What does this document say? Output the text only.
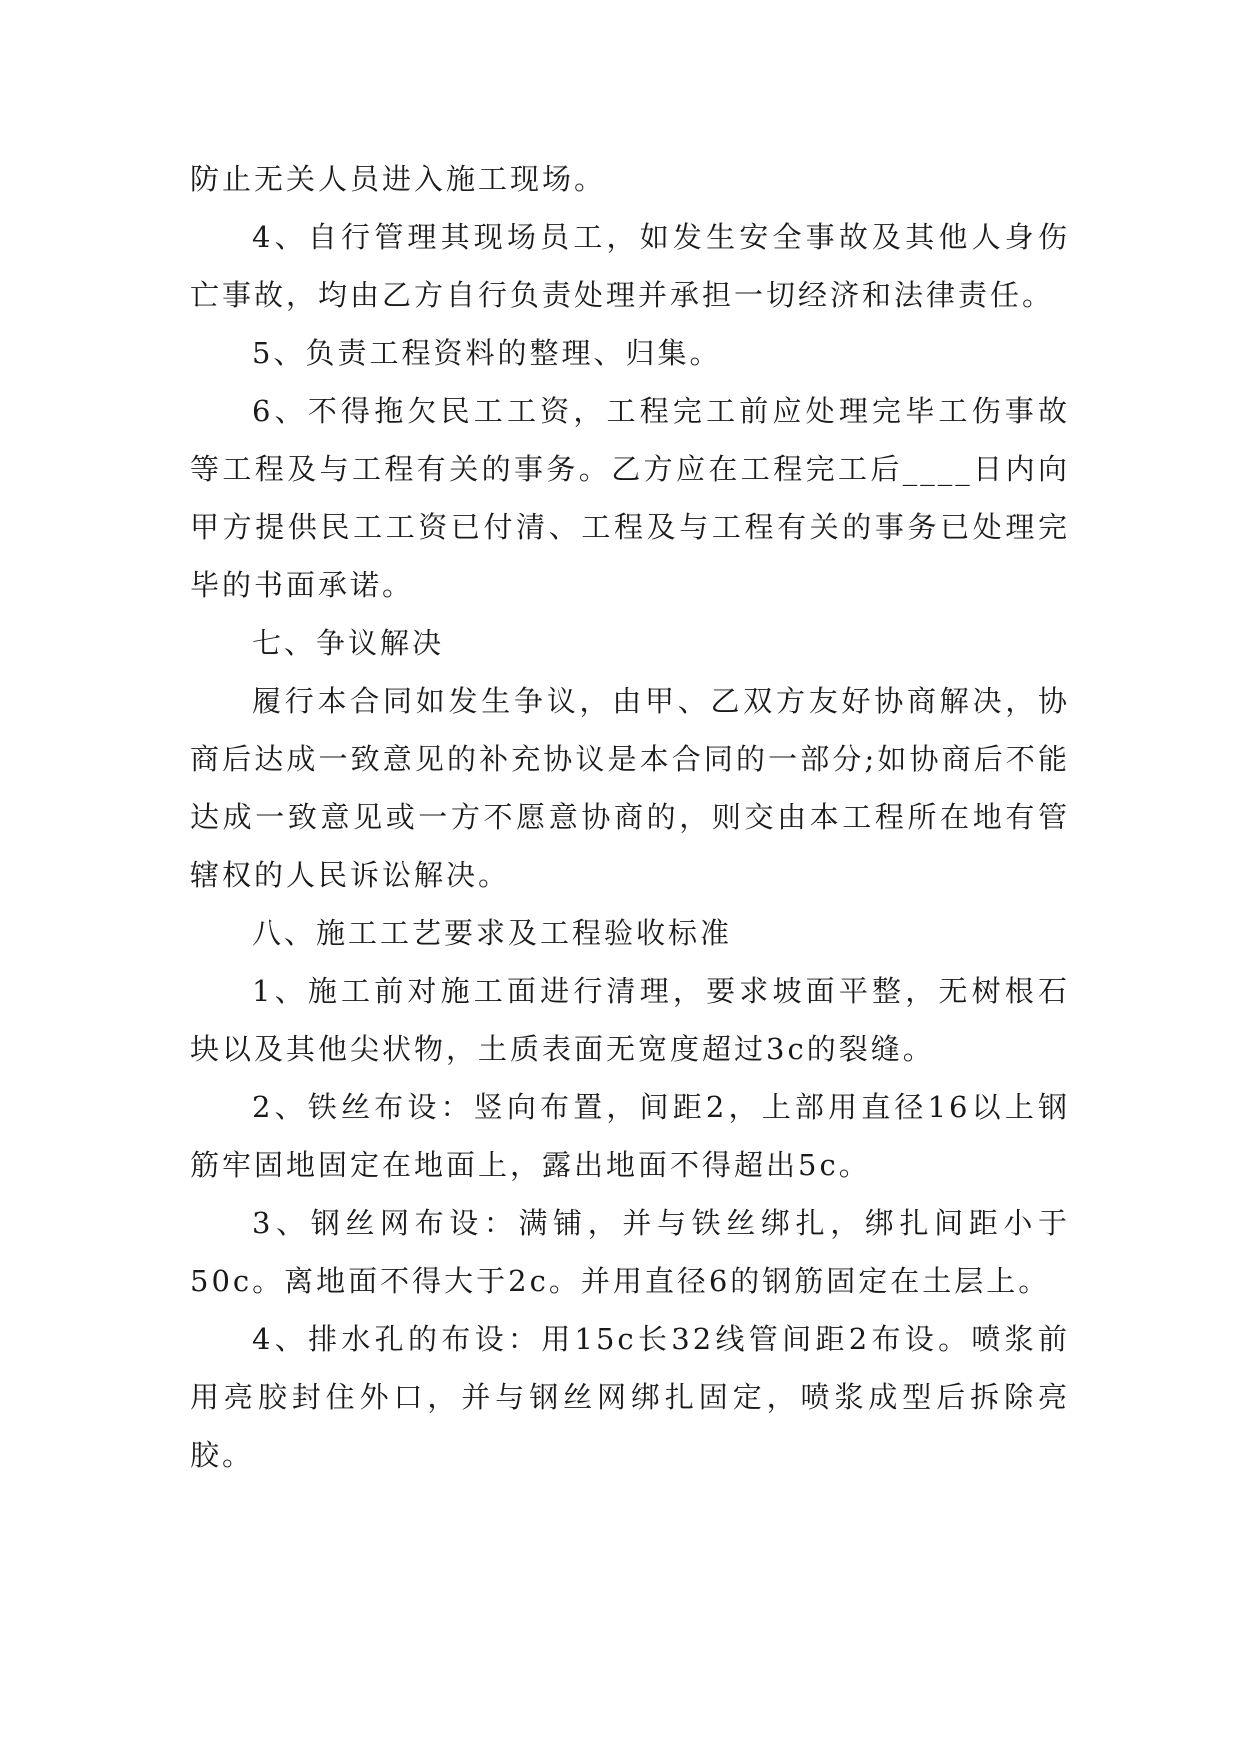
防止无关人员进入施工现场。

4、自行管理其现场员工，如发生安全事故及其他人身伤亡事故，均由乙方自行负责处理并承担一切经济和法律责任。

5、负责工程资料的整理、归集。

6、不得拖欠民工工资，工程完工前应处理完毕工伤事故等工程及与工程有关的事务。乙方应在工程完工后____日内向甲方提供民工工资已付清、工程及与工程有关的事务已处理完毕的书面承诺。

七、争议解决

履行本合同如发生争议，由甲、乙双方友好协商解决，协商后达成一致意见的补充协议是本合同的一部分;如协商后不能达成一致意见或一方不愿意协商的，则交由本工程所在地有管辖权的人民诉讼解决。

八、施工工艺要求及工程验收标准

1、施工前对施工面进行清理，要求坡面平整，无树根石块以及其他尖状物，土质表面无宽度超过3c的裂缝。

2、铁丝布设：竖向布置，间距2，上部用直径16以上钢筋牢固地固定在地面上，露出地面不得超出5c。

3、钢丝网布设：满铺，并与铁丝绑扎，绑扎间距小于50c。离地面不得大于2c。并用直径6的钢筋固定在土层上。

4、排水孔的布设：用15c长32线管间距2布设。喷浆前用亮胶封住外口，并与钢丝网绑扎固定，喷浆成型后拆除亮胶。
